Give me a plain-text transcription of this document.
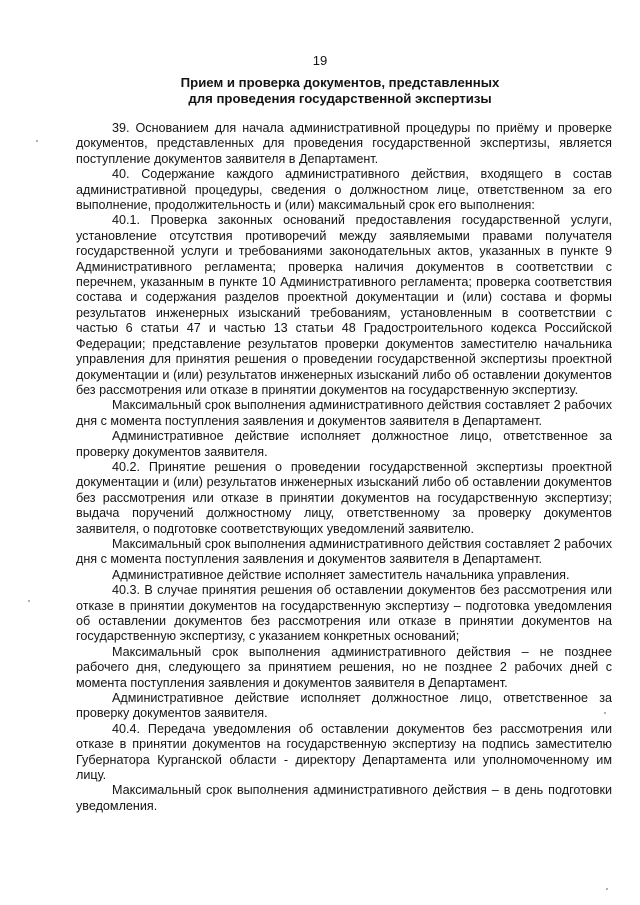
19
Прием и проверка документов, представленных
для проведения государственной экспертизы

39. Основанием для начала административной процедуры по приёму и проверке документов, представленных для проведения государственной экспертизы, является поступление документов заявителя в Департамент.

40. Содержание каждого административного действия, входящего в состав административной процедуры, сведения о должностном лице, ответственном за его выполнение, продолжительность и (или) максимальный срок его выполнения:

40.1. Проверка законных оснований предоставления государственной услуги, установление отсутствия противоречий между заявляемыми правами получателя государственной услуги и требованиями законодательных актов, указанных в пункте 9 Административного регламента; проверка наличия документов в соответствии с перечнем, указанным в пункте 10 Административного регламента; проверка соответствия состава и содержания разделов проектной документации и (или) состава и формы результатов инженерных изысканий требованиям, установленным в соответствии с частью 6 статьи 47 и частью 13 статьи 48 Градостроительного кодекса Российской Федерации; представление результатов проверки документов заместителю начальника управления для принятия решения о проведении государственной экспертизы проектной документации и (или) результатов инженерных изысканий либо об оставлении документов без рассмотрения или отказе в принятии документов на государственную экспертизу.

Максимальный срок выполнения административного действия составляет 2 рабочих дня с момента поступления заявления и документов заявителя в Департамент.

Административное действие исполняет должностное лицо, ответственное за проверку документов заявителя.

40.2. Принятие решения о проведении государственной экспертизы проектной документации и (или) результатов инженерных изысканий либо об оставлении документов без рассмотрения или отказе в принятии документов на государственную экспертизу; выдача поручений должностному лицу, ответственному за проверку документов заявителя, о подготовке соответствующих уведомлений заявителю.

Максимальный срок выполнения административного действия составляет 2 рабочих дня с момента поступления заявления и документов заявителя в Департамент.

Административное действие исполняет заместитель начальника управления.

40.3. В случае принятия решения об оставлении документов без рассмотрения или отказе в принятии документов на государственную экспертизу – подготовка уведомления об оставлении документов без рассмотрения или отказе в принятии документов на государственную экспертизу, с указанием конкретных оснований;

Максимальный срок выполнения административного действия – не позднее рабочего дня, следующего за принятием решения, но не позднее 2 рабочих дней с момента поступления заявления и документов заявителя в Департамент.

Административное действие исполняет должностное лицо, ответственное за проверку документов заявителя.

40.4. Передача уведомления об оставлении документов без рассмотрения или отказе в принятии документов на государственную экспертизу на подпись заместителю Губернатора Курганской области - директору Департамента или уполномоченному им лицу.

Максимальный срок выполнения административного действия – в день подготовки уведомления.
